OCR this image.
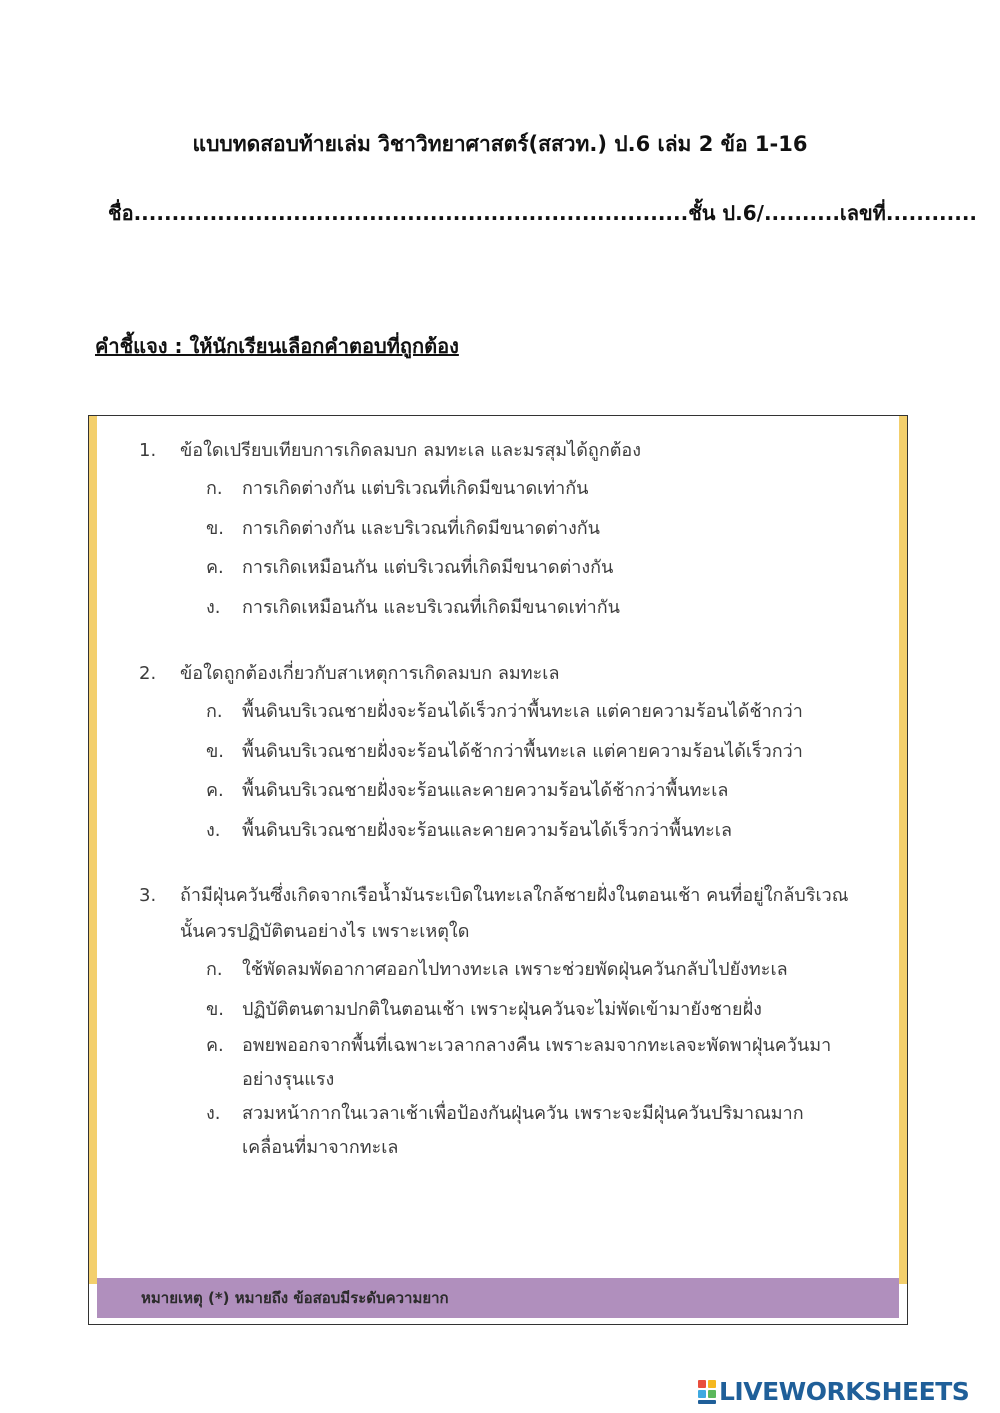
แบบทดสอบท้ายเล่ม วิชาวิทยาศาสตร์(สสวท.) ป.6 เล่ม 2 ข้อ 1-16
ชื่อ.........................................................................ชั้น ป.6/..........เลขที่............
คำชี้แจง : ให้นักเรียนเลือกคำตอบที่ถูกต้อง
1.	ข้อใดเปรียบเทียบการเกิดลมบก ลมทะเล และมรสุมได้ถูกต้อง
ก.	การเกิดต่างกัน แต่บริเวณที่เกิดมีขนาดเท่ากัน
ข. การเกิดต่างกัน และบริเวณที่เกิดมีขนาดต่างกัน
ค.	การเกิดเหมือนกัน แต่บริเวณที่เกิดมีขนาดต่างกัน
ง.	การเกิดเหมือนกัน และบริเวณที่เกิดมีขนาดเท่ากัน
2.	ข้อใดถูกต้องเกี่ยวกับสาเหตุการเกิดลมบก ลมทะเล
ก.	พื้นดินบริเวณชายฝั่งจะร้อนได้เร็วกว่าพื้นทะเล แต่คายความร้อนได้ช้ากว่า
ข. พื้นดินบริเวณชายฝั่งจะร้อนได้ช้ากว่าพื้นทะเล แต่คายความร้อนได้เร็วกว่า
ค.	พื้นดินบริเวณชายฝั่งจะร้อนและคายความร้อนได้ช้ากว่าพื้นทะเล
ง.	พื้นดินบริเวณชายฝั่งจะร้อนและคายความร้อนได้เร็วกว่าพื้นทะเล
3.	ถ้ามีฝุ่นควันซึ่งเกิดจากเรือน้ำมันระเบิดในทะเลใกล้ชายฝั่งในตอนเช้า คนที่อยู่ใกล้บริเวณนั้นควรปฏิบัติตนอย่างไร เพราะเหตุใด
ก.	ใช้พัดลมพัดอากาศออกไปทางทะเล เพราะช่วยพัดฝุ่นควันกลับไปยังทะเล
ข. ปฏิบัติตนตามปกติในตอนเช้า เพราะฝุ่นควันจะไม่พัดเข้ามายังชายฝั่ง
ค.	อพยพออกจากพื้นที่เฉพาะเวลากลางคืน เพราะลมจากทะเลจะพัดพาฝุ่นควันมาอย่างรุนแรง
ง.	สวมหน้ากากในเวลาเช้าเพื่อป้องกันฝุ่นควัน เพราะจะมีฝุ่นควันปริมาณมากเคลื่อนที่มาจากทะเล
หมายเหตุ (*) หมายถึง ข้อสอบมีระดับความยาก
LIVEWORKSHEETS
